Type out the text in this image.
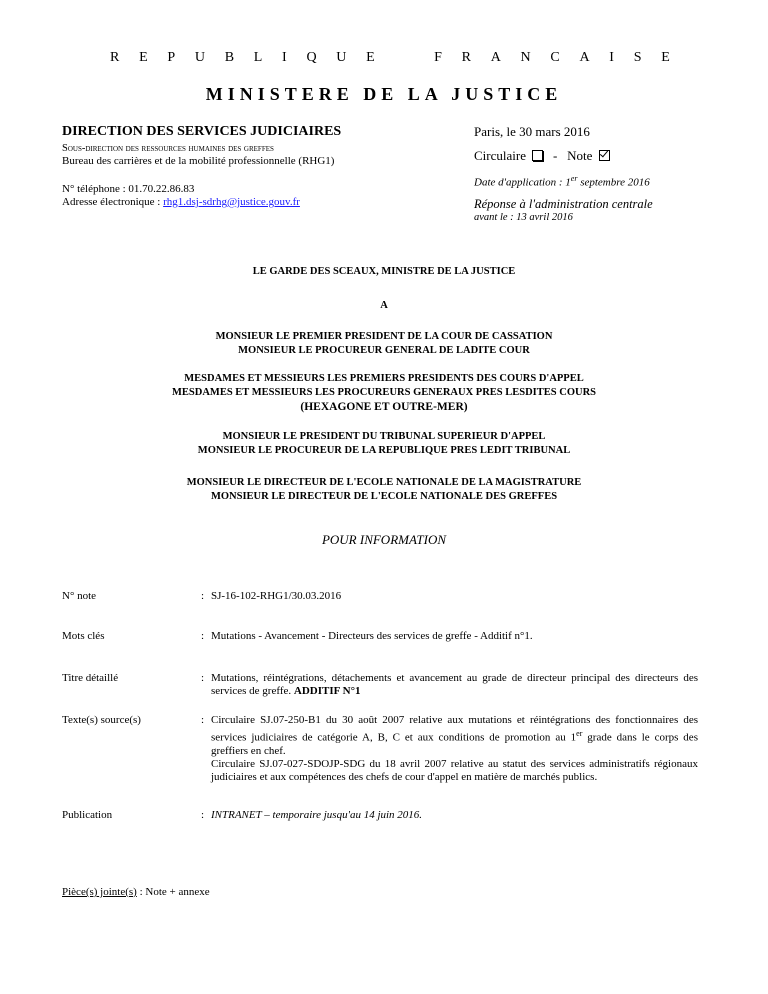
R E P U B L I Q U E	F R A N C A I S E
MINISTERE DE LA JUSTICE
DIRECTION DES SERVICES JUDICIAIRES
Sous-direction des ressources humaines des greffes
Bureau des carrières et de la mobilité professionnelle (RHG1)
N° téléphone : 01.70.22.86.83
Adresse électronique : rhg1.dsj-sdrhg@justice.gouv.fr
Paris, le 30 mars 2016
Circulaire - Note
Date d'application : 1er septembre 2016
Réponse à l'administration centrale
avant le : 13 avril 2016
LE GARDE DES SCEAUX, MINISTRE DE LA JUSTICE
A
MONSIEUR LE PREMIER PRESIDENT DE LA COUR DE CASSATION
MONSIEUR LE PROCUREUR GENERAL DE LADITE COUR
MESDAMES ET MESSIEURS LES PREMIERS PRESIDENTS DES COURS D'APPEL
MESDAMES ET MESSIEURS LES PROCUREURS GENERAUX PRES LESDITES COURS
(HEXAGONE ET OUTRE-MER)
MONSIEUR LE PRESIDENT DU TRIBUNAL SUPERIEUR D'APPEL
MONSIEUR LE PROCUREUR DE LA REPUBLIQUE PRES LEDIT TRIBUNAL
MONSIEUR LE DIRECTEUR DE L'ECOLE NATIONALE DE LA MAGISTRATURE
MONSIEUR LE DIRECTEUR DE L'ECOLE NATIONALE DES GREFFES
POUR INFORMATION
N° note	: SJ-16-102-RHG1/30.03.2016
Mots clés	: Mutations - Avancement - Directeurs des services de greffe - Additif n°1.
Titre détaillé	: Mutations, réintégrations, détachements et avancement au grade de directeur principal des directeurs des services de greffe. ADDITIF N°1
Texte(s) source(s)	: Circulaire SJ.07-250-B1 du 30 août 2007 relative aux mutations et réintégrations des fonctionnaires des services judiciaires de catégorie A, B, C et aux conditions de promotion au 1er grade dans le corps des greffiers en chef.
Circulaire SJ.07-027-SDOJP-SDG du 18 avril 2007 relative au statut des services administratifs régionaux judiciaires et aux compétences des chefs de cour d'appel en matière de marchés publics.
Publication	: INTRANET – temporaire jusqu'au 14 juin 2016.
Pièce(s) jointe(s) : Note + annexe
